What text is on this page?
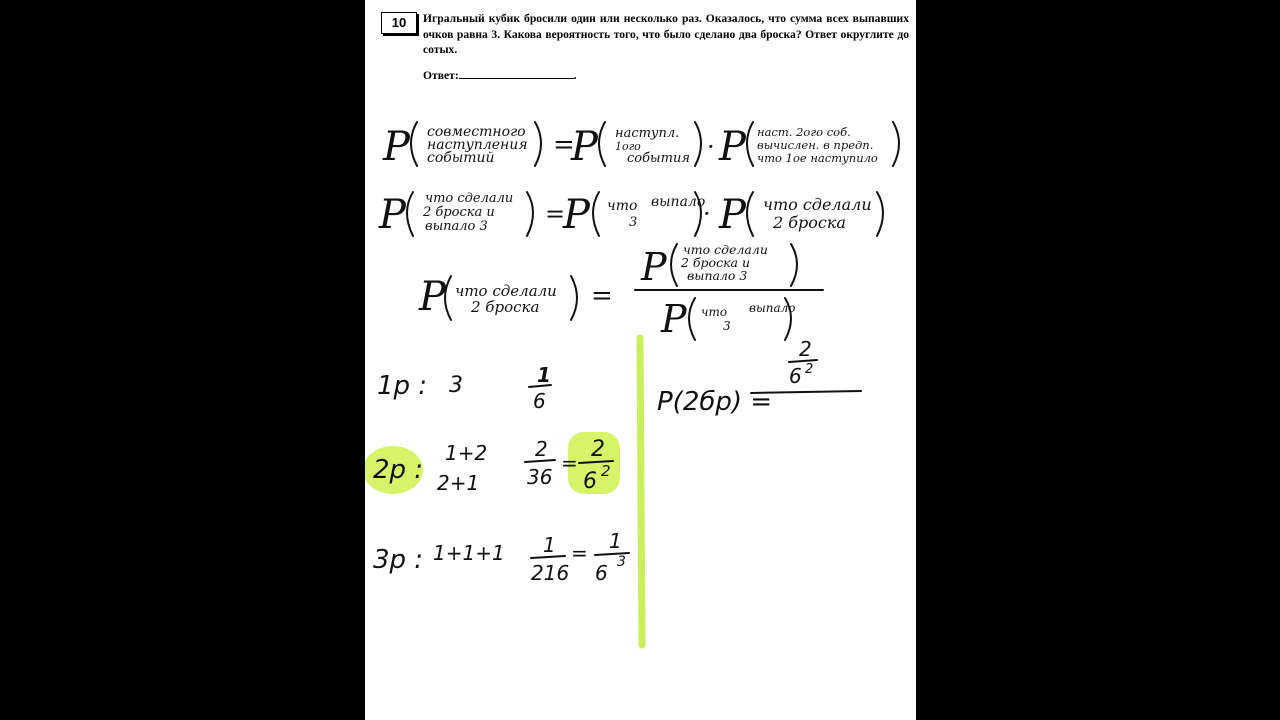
10	Игральный кубик бросили один или несколько раз. Оказалось, что сумма всех выпавших очков равна 3. Какова вероятность того, что было сделано два броска? Ответ округлите до сотых.

Ответ:	.
P совместного
наступления
событий =
P наступл.
1ого
события · P наст. 2ого соб.
вычислен. в предп.
что 1ое наступило
P что сделали
2 броска и
выпало 3 =
P что выпало
3	· P что сделали
2 броска
P что сделали
2 броска =
P что сделали
2 броска и
выпало 3
P что выпало
3
1р : 3	1
6
2р :
1+2
2+1
2
36
=
2
6 2
3р : 1+1+1 1
216
= 1
6 3
P(2бр) =
2
6 2
